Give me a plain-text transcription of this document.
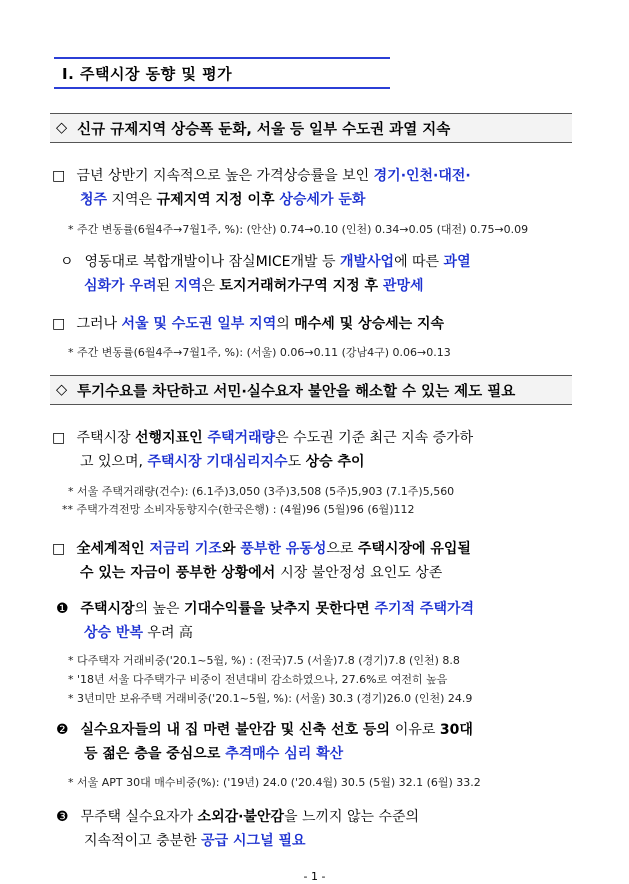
Ⅰ. 주택시장 동향 및 평가
◇ 신규 규제지역 상승폭 둔화, 서울 등 일부 수도권 과열 지속
□ 금년 상반기 지속적으로 높은 가격상승률을 보인 경기·인천·대전·
청주 지역은 규제지역 지정 이후 상승세가 둔화
* 주간 변동률(6월4주→7월1주, %): (안산) 0.74→0.10 (인천) 0.34→0.05 (대전) 0.75→0.09
ㅇ 영동대로 복합개발이나 잠실MICE개발 등 개발사업에 따른 과열
심화가 우려된 지역은 토지거래허가구역 지정 후 관망세
□ 그러나 서울 및 수도권 일부 지역의 매수세 및 상승세는 지속
* 주간 변동률(6월4주→7월1주, %): (서울) 0.06→0.11 (강남4구) 0.06→0.13
◇ 투기수요를 차단하고 서민·실수요자 불안을 해소할 수 있는 제도 필요
□ 주택시장 선행지표인 주택거래량은 수도권 기준 최근 지속 증가하
고 있으며, 주택시장 기대심리지수도 상승 추이
* 서울 주택거래량(건수): (6.1주)3,050 (3주)3,508 (5주)5,903 (7.1주)5,560
** 주택가격전망 소비자동향지수(한국은행) : (4월)96 (5월)96 (6월)112
□ 全세계적인 저금리 기조와 풍부한 유동성으로 주택시장에 유입될
수 있는 자금이 풍부한 상황에서 시장 불안정성 요인도 상존
❶ 주택시장의 높은 기대수익률을 낮추지 못한다면 주기적 주택가격
상승 반복 우려 高
* 다주택자 거래비중('20.1~5월, %) : (전국)7.5 (서울)7.8 (경기)7.8 (인천) 8.8
* '18년 서울 다주택가구 비중이 전년대비 감소하였으나, 27.6%로 여전히 높음
* 3년미만 보유주택 거래비중('20.1~5월, %): (서울) 30.3 (경기)26.0 (인천) 24.9
❷ 실수요자들의 내 집 마련 불안감 및 신축 선호 등의 이유로 30대
등 젊은 층을 중심으로 추격매수 심리 확산
* 서울 APT 30대 매수비중(%): ('19년) 24.0 ('20.4월) 30.5 (5월) 32.1 (6월) 33.2
❸ 무주택 실수요자가 소외감·불안감을 느끼지 않는 수준의
지속적이고 충분한 공급 시그널 필요
- 1 -
